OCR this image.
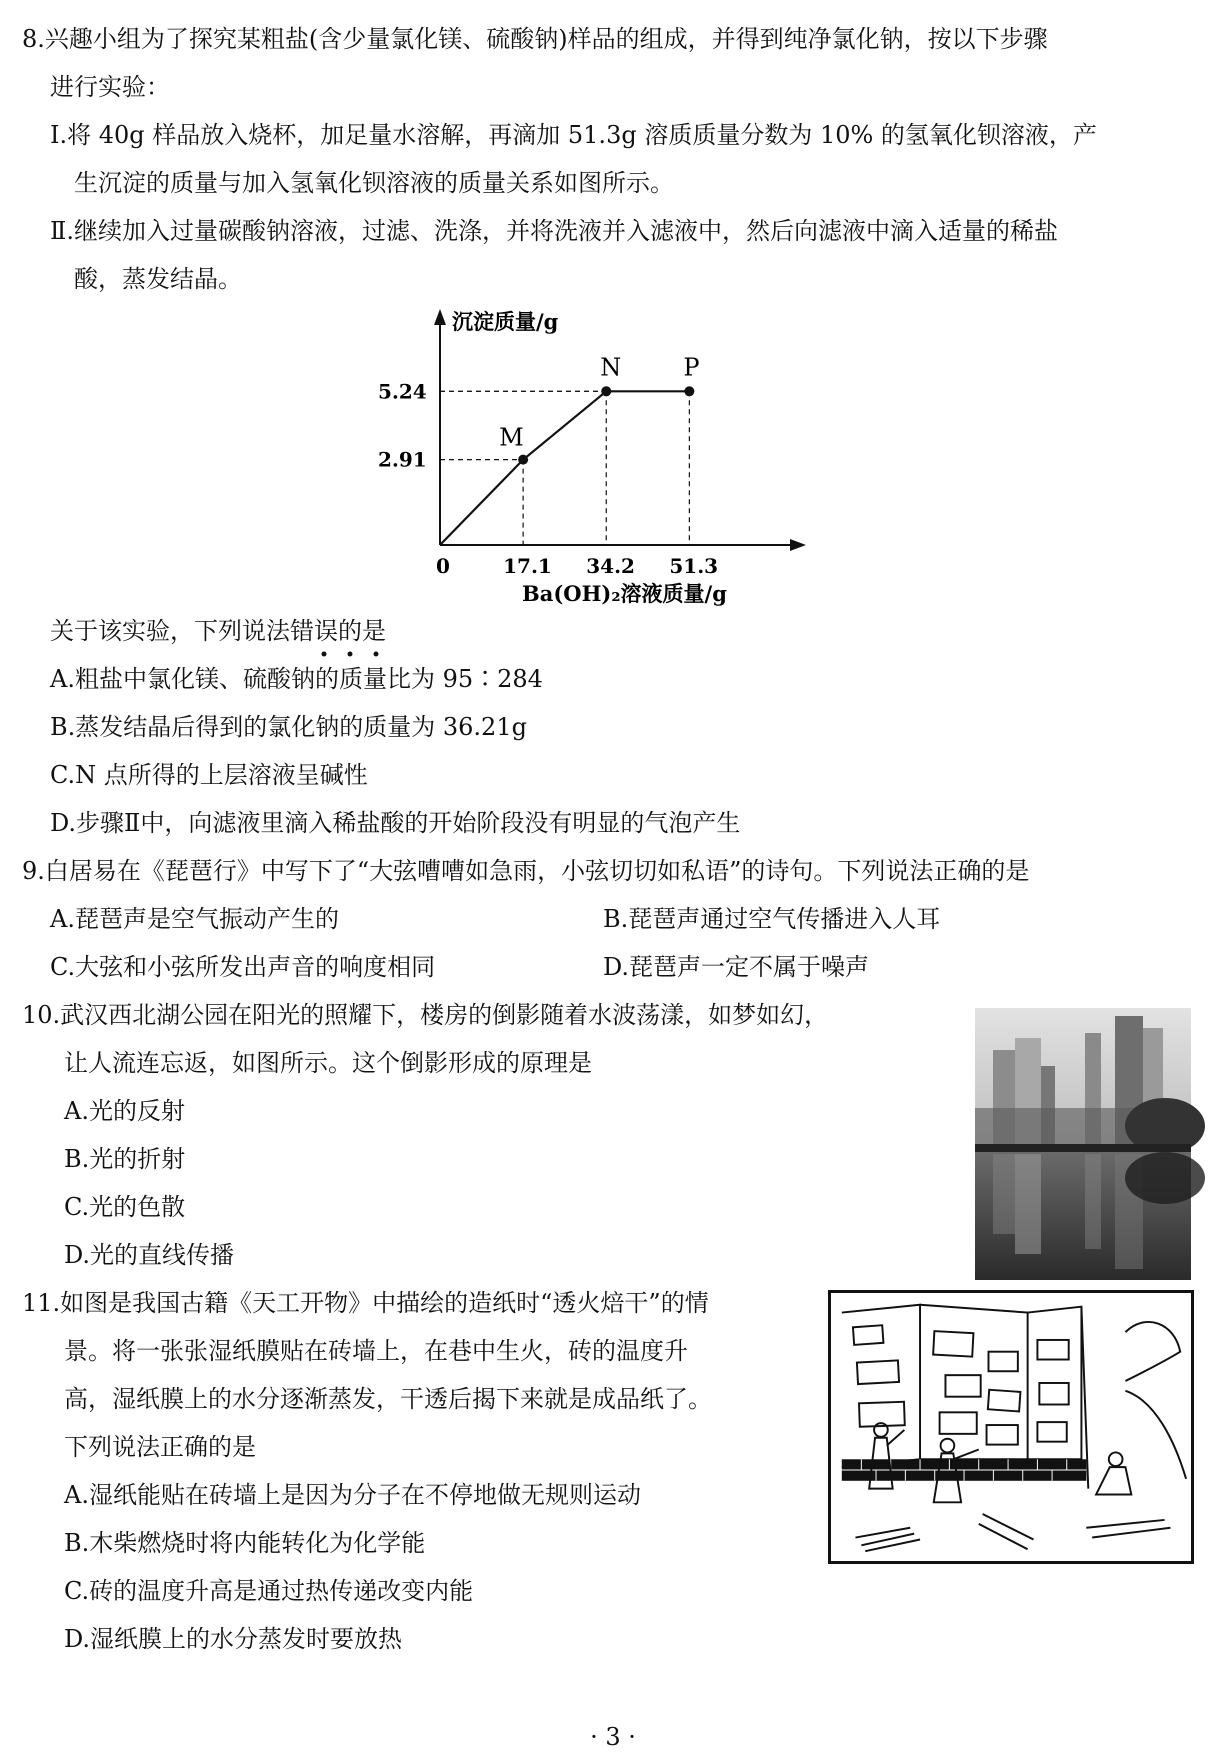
8.兴趣小组为了探究某粗盐(含少量氯化镁、硫酸钠)样品的组成，并得到纯净氯化钠，按以下步骤
进行实验：
Ⅰ.将 40g 样品放入烧杯，加足量水溶解，再滴加 51.3g 溶质质量分数为 10% 的氢氧化钡溶液，产
生沉淀的质量与加入氢氧化钡溶液的质量关系如图所示。
Ⅱ.继续加入过量碳酸钠溶液，过滤、洗涤，并将洗液并入滤液中，然后向滤液中滴入适量的稀盐
酸，蒸发结晶。
沉淀质量/g
Ba(OH)₂溶液质量/g
0
M
N	P
17.1 34.2 51.3
2.91
5.24
关于该实验，下列说法错误的是
A.粗盐中氯化镁、硫酸钠的质量比为 95∶284
B.蒸发结晶后得到的氯化钠的质量为 36.21g
C.N 点所得的上层溶液呈碱性
D.步骤Ⅱ中，向滤液里滴入稀盐酸的开始阶段没有明显的气泡产生
9.白居易在《琵琶行》中写下了“大弦嘈嘈如急雨，小弦切切如私语”的诗句。下列说法正确的是
A.琵琶声是空气振动产生的	B.琵琶声通过空气传播进入人耳
C.大弦和小弦所发出声音的响度相同	D.琵琶声一定不属于噪声
10.武汉西北湖公园在阳光的照耀下，楼房的倒影随着水波荡漾，如梦如幻，
让人流连忘返，如图所示。这个倒影形成的原理是
A.光的反射
B.光的折射
C.光的色散
D.光的直线传播
11.如图是我国古籍《天工开物》中描绘的造纸时“透火焙干”的情
景。将一张张湿纸膜贴在砖墙上，在巷中生火，砖的温度升
高，湿纸膜上的水分逐渐蒸发，干透后揭下来就是成品纸了。
下列说法正确的是
A.湿纸能贴在砖墙上是因为分子在不停地做无规则运动
B.木柴燃烧时将内能转化为化学能
C.砖的温度升高是通过热传递改变内能
D.湿纸膜上的水分蒸发时要放热
· 3 ·
